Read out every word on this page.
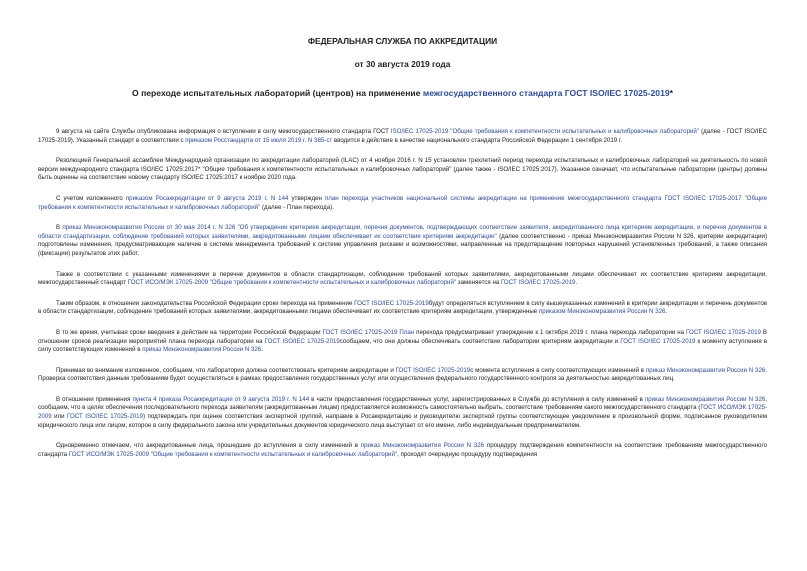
ФЕДЕРАЛЬНАЯ СЛУЖБА ПО АККРЕДИТАЦИИ
от 30 августа 2019 года
О переходе испытательных лабораторий (центров) на применение межгосударственного стандарта ГОСТ ISO/IEC 17025-2019*

9 августа на сайте Службы опубликована информация о вступлении в силу межгосударственного стандарта ГОСТ ISO/IEC 17025-2019 "Общие требования к компетентности испытательных и калибровочных лабораторий" (далее - ГОСТ ISO/IEC 17025-2019). Указанный стандарт в соответствии с приказом Росстандарта от 15 июля 2019 г. N 385-ст вводится в действие в качестве национального стандарта Российской Федерации 1 сентября 2019 г.

Резолюцией Генеральной ассамблеи Международной организации по аккредитации лабораторий (ILAC) от 4 ноября 2016 г. N 15 установлен трехлетний период перехода испытательных и калибровочных лабораторий на деятельность по новой версии международного стандарта ISO/IEC 17025:2017* "Общие требования к компетентности испытательных и калибровочных лабораторий" (далее также - ISO/IEC 17025:2017). Указанное означает, что испытательные лаборатории (центры) должны быть оценены на соответствие новому стандарту ISO/IEC 17025:2017 к ноябрю 2020 года.

С учетом изложенного приказом Росаккредитации от 9 августа 2019 г. N 144 утвержден план перехода участников национальной системы аккредитации на применение межгосударственного стандарта ГОСТ ISO/IEC 17025-2017 "Общие требования к компетентности испытательных и калибровочных лабораторий" (далее - План перехода).

В приказ Минэкономразвития России от 30 мая 2014 г. N 326 "Об утверждении критериев аккредитации, перечня документов, подтверждающих соответствие заявителя, аккредитованного лица критериям аккредитации, и перечня документов в области стандартизации, соблюдение требований которых заявителями, аккредитованными лицами обеспечивает их соответствие критериям аккредитации" (далее соответственно - приказ Минэкономразвития России N 326, критерии аккредитации) подготовлены изменения, предусматривающие наличие в системе менеджмента требований к системе управления рисками и возможностями, направленные на предотвращение повторных нарушений установленных требований, а также описания (фиксации) результатов этих работ.

Также в соответствии с указанными изменениями в перечне документов в области стандартизации, соблюдение требований которых заявителями, аккредитованными лицами обеспечивает их соответствие критериям аккредитации, межгосударственный стандарт ГОСТ ИСО/МЭК 17025-2009 "Общие требования к компетентности испытательных и калибровочных лабораторий" заменяется на ГОСТ ISO/IEC 17025-2019.

Таким образом, в отношении законодательства Российской Федерации сроки перехода на применение ГОСТ ISO/IEC 17025-2019будут определяться вступлением в силу вышеуказанных изменений в критерии аккредитации и перечень документов в области стандартизации, соблюдение требований которых заявителями, аккредитованными лицами обеспечивает их соответствие критериям аккредитации, утвержденные приказом Минэкономразвития России N 326.

В то же время, учитывая сроки введения в действие на территории Российской Федерации ГОСТ ISO/IEC 17025-2019 План перехода предусматривает утверждение к 1 октября 2019 г. плана перехода лаборатории на ГОСТ ISO/IEC 17025-2019 В отношении сроков реализации мероприятий плана перехода лаборатории на ГОСТ ISO/IEC 17025-2019сообщаем, что они должны обеспечивать соответствие лаборатории критериям аккредитации и ГОСТ ISO/IEC 17025-2019 к моменту вступления в силу соответствующих изменений в приказ Минэкономразвития России N 326.

Принимая во внимание изложенное, сообщаем, что лаборатория должна соответствовать критериям аккредитации и ГОСТ ISO/IEC 17025-2019с момента вступления в силу соответствующих изменений в приказ Минэкономразвития России N 326. Проверка соответствия данным требованиям будет осуществляться в рамках предоставления государственных услуг или осуществления федерального государственного контроля за деятельностью аккредитованных лиц.

В отношении применения пункта 4 приказа Росаккредитации от 9 августа 2019 г. N 144 в части предоставления государственных услуг, зарегистрированных в Службе до вступления в силу изменений в приказ Минэкономразвития России N 326, сообщаем, что в целях обеспечения последовательного перехода заявителям (аккредитованным лицам) предоставляется возможность самостоятельно выбрать, соответствие требованиям какого межгосударственного стандарта (ГОСТ ИСО/МЭК 17025-2009 или ГОСТ ISO/IEC 17025-2019) подтверждать при оценке соответствия экспертной группой, направив в Росаккредитацию и руководителю экспертной группы соответствующее уведомление в произвольной форме, подписанное руководителем юридического лица или лицом, которое в силу федерального закона или учредительных документов юридического лица выступает от его имени, либо индивидуальным предпринимателем.

Одновременно отмечаем, что аккредитованные лица, прошедшие до вступления в силу изменений в приказ Минэкономразвития России N 326 процедуру подтверждения компетентности на соответствие требованиям межгосударственного стандарта ГОСТ ИСО/МЭК 17025-2009 "Общие требования к компетентности испытательных и калибровочных лабораторий", проходят очередную процедуру подтверждения
